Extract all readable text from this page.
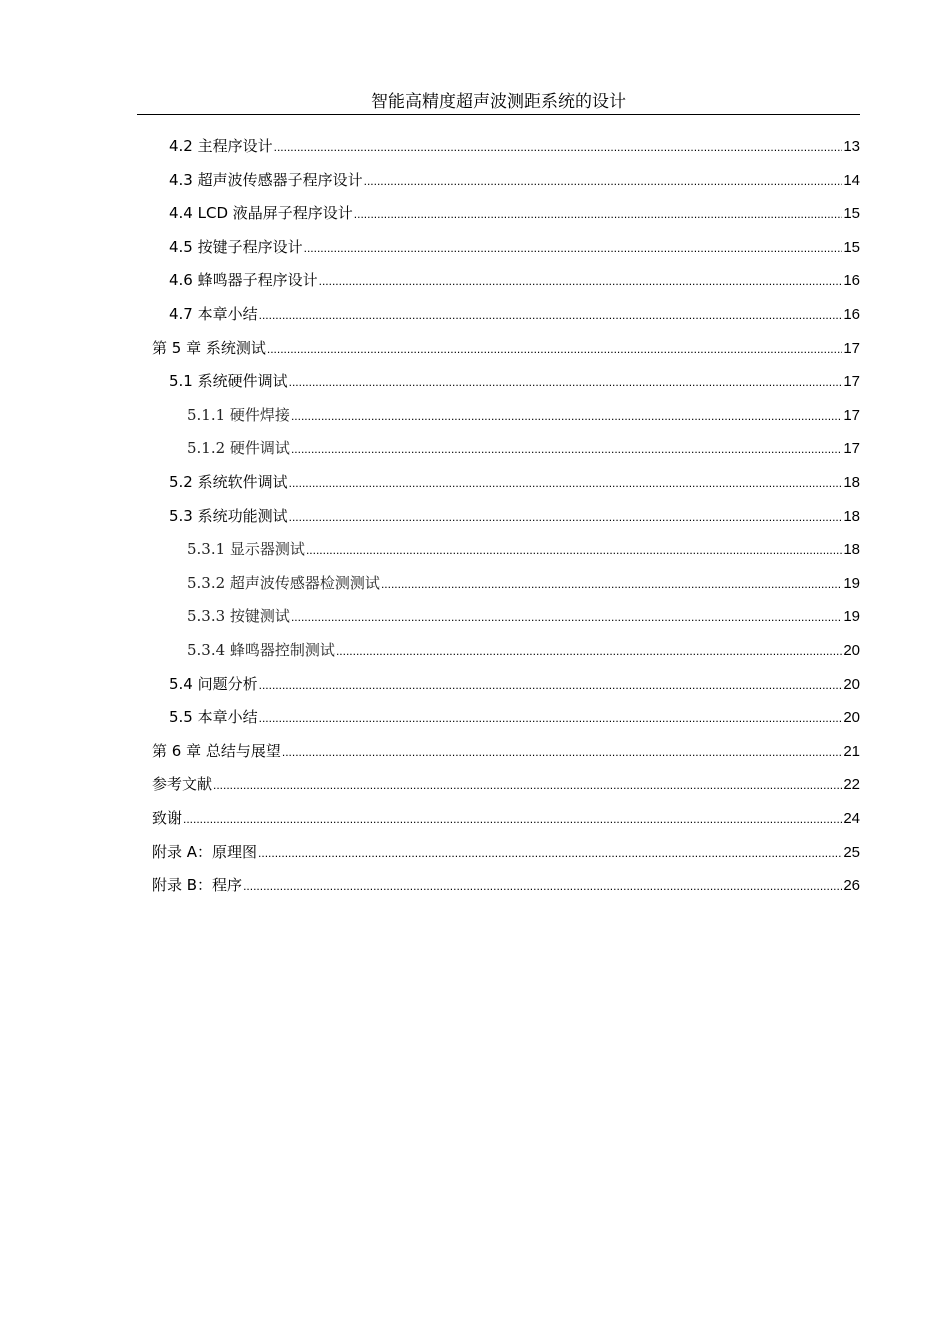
智能高精度超声波测距系统的设计
4.2 主程序设计 .....	13
4.3 超声波传感器子程序设计 .....	14
4.4 LCD 液晶屏子程序设计 .....	15
4.5 按键子程序设计 .....	15
4.6 蜂鸣器子程序设计 .....	16
4.7 本章小结 .....	16
第 5 章 系统测试 .....	17
5.1 系统硬件调试 .....	17
5.1.1 硬件焊接 .....	17
5.1.2 硬件调试 .....	17
5.2 系统软件调试 .....	18
5.3 系统功能测试 .....	18
5.3.1 显示器测试 .....	18
5.3.2 超声波传感器检测测试 .....	19
5.3.3 按键测试 .....	19
5.3.4 蜂鸣器控制测试 .....	20
5.4 问题分析 .....	20
5.5 本章小结 .....	20
第 6 章 总结与展望 .....	21
参考文献 .....	22
致谢 .....	24
附录 A：原理图 .....	25
附录 B：程序 .....	26
